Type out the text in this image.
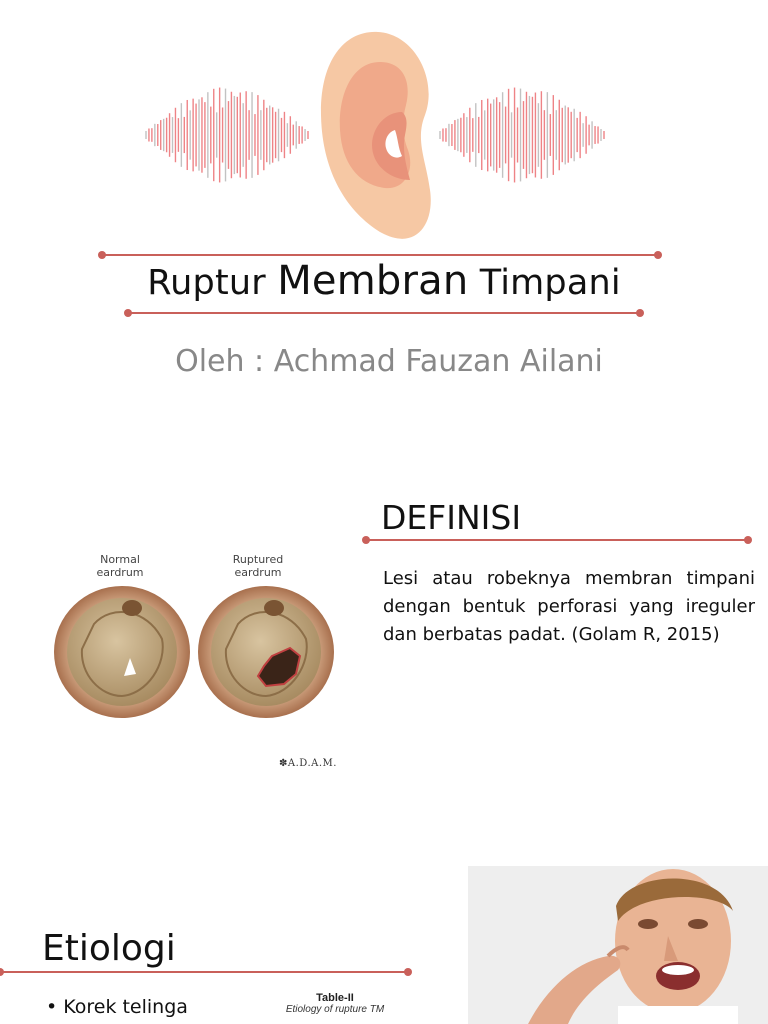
Ruptur Membran Timpani
Oleh : Achmad Fauzan Ailani
Normal
eardrum
Ruptured
eardrum
✽A.D.A.M.
DEFINISI
Lesi atau robeknya membran timpani dengan bentuk perforasi yang ireguler dan berbatas padat. (Golam R, 2015)
Etiologi
• Korek telinga	Table-II
Etiology of rupture TM
